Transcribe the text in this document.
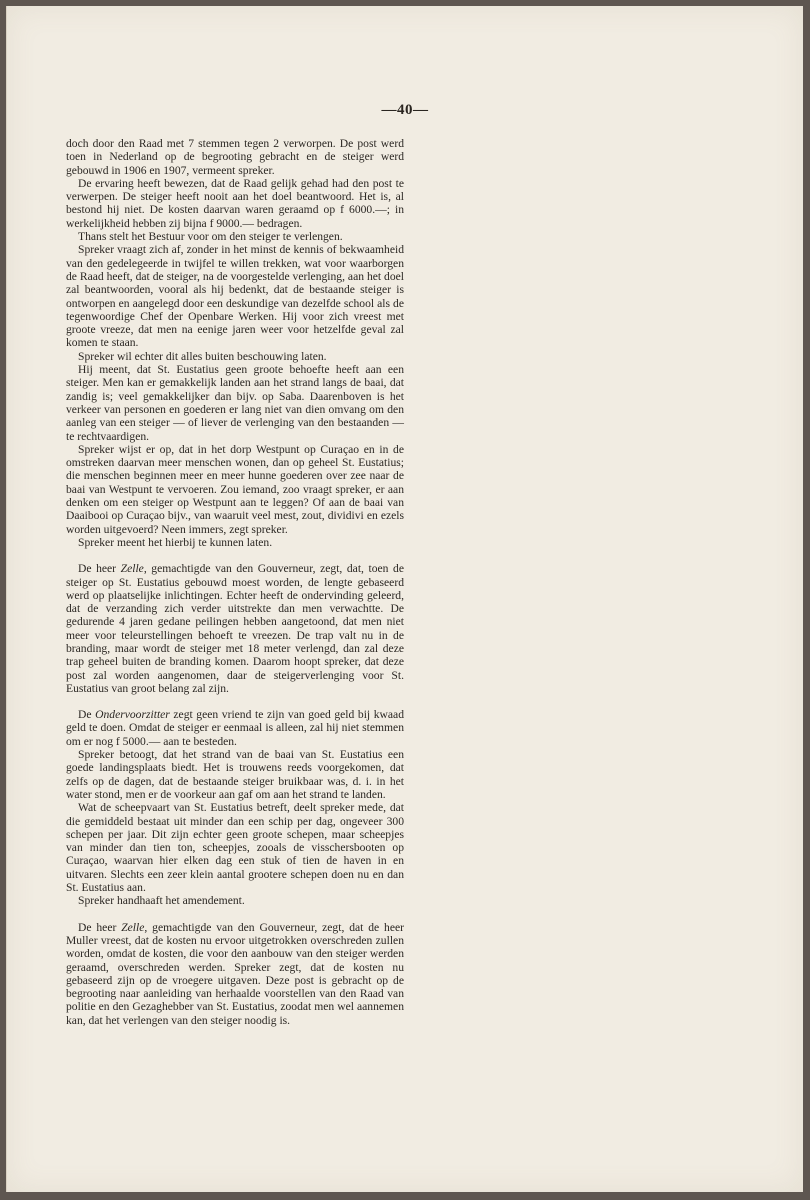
—40—

doch door den Raad met 7 stemmen tegen 2 verworpen. De post werd toen in Nederland op de begrooting gebracht en de steiger werd gebouwd in 1906 en 1907, vermeent spreker.

De ervaring heeft bewezen, dat de Raad gelijk gehad had den post te verwerpen. De steiger heeft nooit aan het doel beantwoord. Het is, al bestond hij niet. De kosten daarvan waren geraamd op f 6000.—; in werkelijkheid hebben zij bijna f 9000.— bedragen.

Thans stelt het Bestuur voor om den steiger te verlengen.

Spreker vraagt zich af, zonder in het minst de kennis of bekwaamheid van den gedelegeerde in twijfel te willen trekken, wat voor waarborgen de Raad heeft, dat de steiger, na de voorgestelde verlenging, aan het doel zal beantwoorden, vooral als hij bedenkt, dat de bestaande steiger is ontworpen en aangelegd door een deskundige van dezelfde school als de tegenwoordige Chef der Openbare Werken. Hij voor zich vreest met groote vreeze, dat men na eenige jaren weer voor hetzelfde geval zal komen te staan.

Spreker wil echter dit alles buiten beschouwing laten.

Hij meent, dat St. Eustatius geen groote behoefte heeft aan een steiger. Men kan er gemakkelijk landen aan het strand langs de baai, dat zandig is; veel gemakkelijker dan bijv. op Saba. Daarenboven is het verkeer van personen en goederen er lang niet van dien omvang om den aanleg van een steiger — of liever de verlenging van den bestaanden — te rechtvaardigen.

Spreker wijst er op, dat in het dorp Westpunt op Curaçao en in de omstreken daarvan meer menschen wonen, dan op geheel St. Eustatius; die menschen beginnen meer en meer hunne goederen over zee naar de baai van Westpunt te vervoeren. Zou iemand, zoo vraagt spreker, er aan denken om een steiger op Westpunt aan te leggen? Of aan de baai van Daaibooi op Curaçao bijv., van waaruit veel mest, zout, dividivi en ezels worden uitgevoerd? Neen immers, zegt spreker.

Spreker meent het hierbij te kunnen laten.

De heer Zelle, gemachtigde van den Gouverneur, zegt, dat, toen de steiger op St. Eustatius gebouwd moest worden, de lengte gebaseerd werd op plaatselijke inlichtingen. Echter heeft de ondervinding geleerd, dat de verzanding zich verder uitstrekte dan men verwachtte. De gedurende 4 jaren gedane peilingen hebben aangetoond, dat men niet meer voor teleurstellingen behoeft te vreezen. De trap valt nu in de branding, maar wordt de steiger met 18 meter verlengd, dan zal deze trap geheel buiten de branding komen. Daarom hoopt spreker, dat deze post zal worden aangenomen, daar de steigerverlenging voor St. Eustatius van groot belang zal zijn.

De Ondervoorzitter zegt geen vriend te zijn van goed geld bij kwaad geld te doen. Omdat de steiger er eenmaal is alleen, zal hij niet stemmen om er nog f 5000.— aan te besteden.

Spreker betoogt, dat het strand van de baai van St. Eustatius een goede landingsplaats biedt. Het is trouwens reeds voorgekomen, dat zelfs op de dagen, dat de bestaande steiger bruikbaar was, d. i. in het water stond, men er de voorkeur aan gaf om aan het strand te landen.

Wat de scheepvaart van St. Eustatius betreft, deelt spreker mede, dat die gemiddeld bestaat uit minder dan een schip per dag, ongeveer 300 schepen per jaar. Dit zijn echter geen groote schepen, maar scheepjes van minder dan tien ton, scheepjes, zooals de visschersbooten op Curaçao, waarvan hier elken dag een stuk of tien de haven in en uitvaren. Slechts een zeer klein aantal grootere schepen doen nu en dan St. Eustatius aan.

Spreker handhaaft het amendement.

De heer Zelle, gemachtigde van den Gouverneur, zegt, dat de heer Muller vreest, dat de kosten nu ervoor uitgetrokken overschreden zullen worden, omdat de kosten, die voor den aanbouw van den steiger werden geraamd, overschreden werden. Spreker zegt, dat de kosten nu gebaseerd zijn op de vroegere uitgaven. Deze post is gebracht op de begrooting naar aanleiding van herhaalde voorstellen van den Raad van politie en den Gezaghebber van St. Eustatius, zoodat men wel aannemen kan, dat het verlengen van den steiger noodig is.
